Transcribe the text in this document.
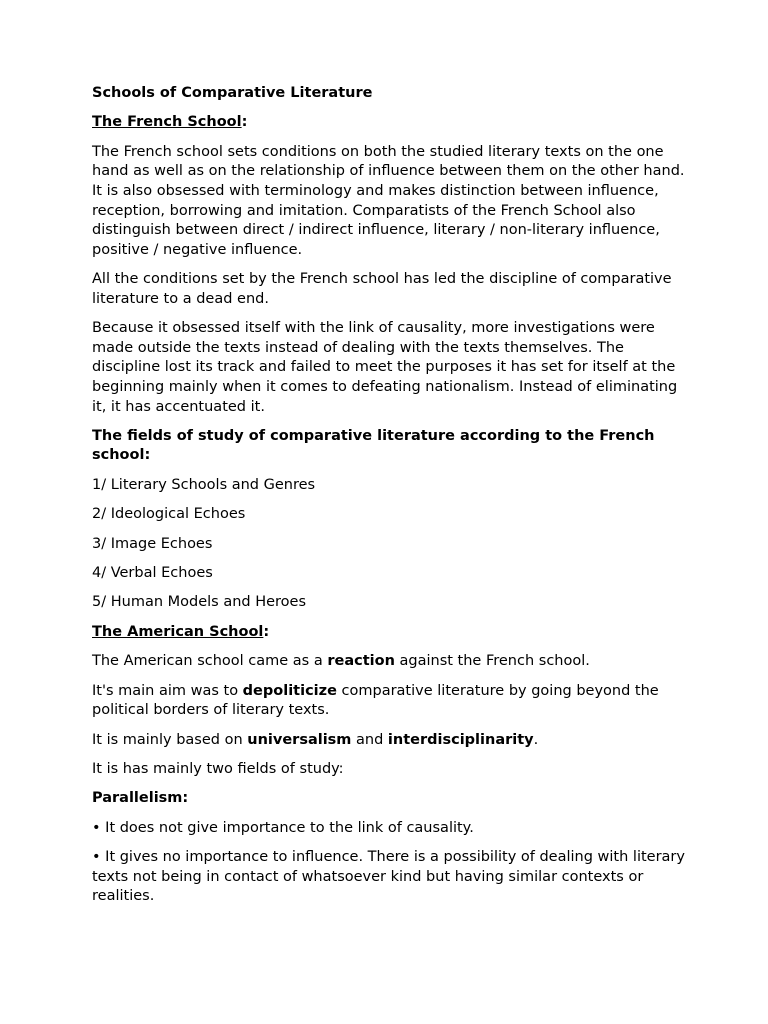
Schools of Comparative Literature

The French School:

The French school sets conditions on both the studied literary texts on the one hand as well as on the relationship of influence between them on the other hand. It is also obsessed with terminology and makes distinction between influence, reception, borrowing and imitation. Comparatists of the French School also distinguish between direct / indirect influence, literary / non-literary influence, positive / negative influence.

All the conditions set by the French school has led the discipline of comparative literature to a dead end.

Because it obsessed itself with the link of causality, more investigations were made outside the texts instead of dealing with the texts themselves. The discipline lost its track and failed to meet the purposes it has set for itself at the beginning mainly when it comes to defeating nationalism. Instead of eliminating it, it has accentuated it.

The fields of study of comparative literature according to the French school:

1/ Literary Schools and Genres

2/ Ideological Echoes

3/ Image Echoes

4/ Verbal Echoes

5/ Human Models and Heroes

The American School:

The American school came as a reaction against the French school.

It's main aim was to depoliticize comparative literature by going beyond the political borders of literary texts.

It is mainly based on universalism and interdisciplinarity.

It is has mainly two fields of study:

Parallelism:

• It does not give importance to the link of causality.

• It gives no importance to influence. There is a possibility of dealing with literary texts not being in contact of whatsoever kind but having similar contexts or realities.
